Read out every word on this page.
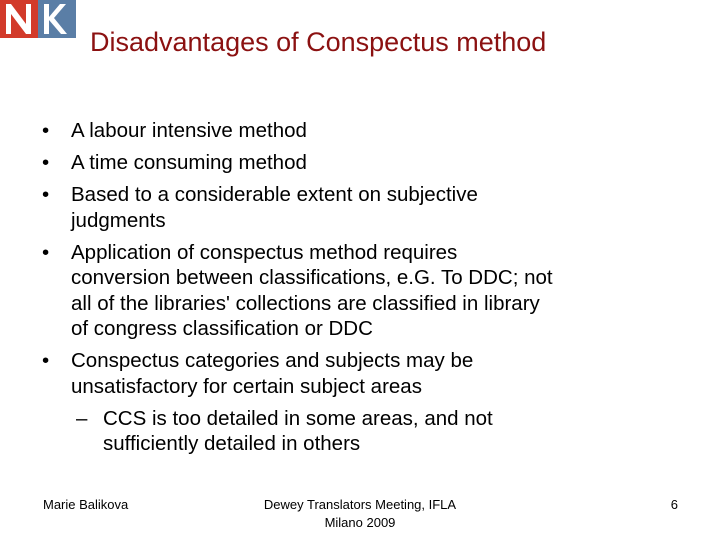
Disadvantages of Conspectus method
• A labour intensive method
• A time consuming method
• Based to a considerable extent on subjective
judgments
• Application of conspectus method requires
conversion between classifications, e.G. To DDC; not
all of the libraries' collections are classified in library
of congress classification or DDC
• Conspectus categories and subjects may be
unsatisfactory for certain subject areas
– CCS is too detailed in some areas, and not
sufficiently detailed in others
Marie Balikova	Dewey Translators Meeting, IFLA
Milano 2009
6
